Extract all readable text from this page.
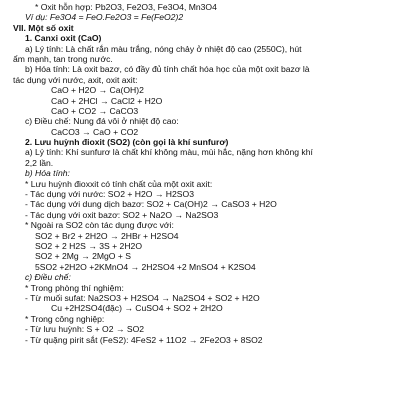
* Oxit hỗn hợp: Pb2O3, Fe2O3, Fe3O4, Mn3O4
Ví dụ: Fe3O4 = FeO.Fe2O3 = Fe(FeO2)2
VII. Một số oxit
1. Canxi oxit (CaO)
a) Lý tính: Là chất rắn màu trắng, nóng chảy ở nhiệt độ cao (2550C), hút
ẩm mạnh, tan trong nước.
b) Hóa tính: Là oxit bazơ, có đầy đủ tính chất hóa học của một oxit bazơ là
tác dụng với nước, axit, oxit axit:
CaO + H2O → Ca(OH)2
CaO + 2HCl → CaCl2 + H2O
CaO + CO2 → CaCO3
c) Điều chế: Nung đá vôi ở nhiệt độ cao:
CaCO3 → CaO + CO2
2. Lưu huỳnh đioxit (SO2) (còn gọi là khí sunfurơ)
a) Lý tính: Khí sunfurơ là chất khí không màu, mùi hắc, nặng hơn không khí
2,2 lần.
b) Hóa tính:
* Lưu huỳnh đioxxit có tính chất của một oxit axit:
- Tác dụng với nước: SO2 + H2O → H2SO3
- Tác dụng với dung dịch bazơ: SO2 + Ca(OH)2 → CaSO3 + H2O
- Tác dụng với oxit bazơ: SO2 + Na2O → Na2SO3
* Ngoài ra SO2 còn tác dụng được với:
SO2 + Br2 + 2H2O → 2HBr + H2SO4
SO2 + 2 H2S → 3S + 2H2O
SO2 + 2Mg → 2MgO + S
5SO2 +2H2O +2KMnO4 → 2H2SO4 +2 MnSO4 + K2SO4
c) Điều chế:
* Trong phòng thí nghiệm:
- Từ muối sufat: Na2SO3 + H2SO4 → Na2SO4 + SO2 + H2O
Cu +2H2SO4(đặc) → CuSO4 + SO2 + 2H2O
* Trong công nghiệp:
- Từ lưu huỳnh: S + O2 → SO2
- Từ quặng pirit sắt (FeS2): 4FeS2 + 11O2 → 2Fe2O3 + 8SO2
